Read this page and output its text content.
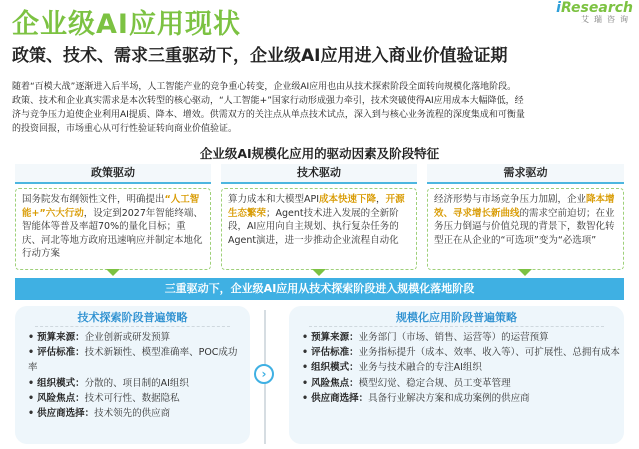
企业级AI应用现状
iResearch
艾瑞咨询
政策、技术、需求三重驱动下，企业级AI应用进入商业价值验证期
随着“百模大战”逐渐进入后半场，人工智能产业的竞争重心转变，企业级AI应用也由从技术探索阶段全面转向规模化落地阶段。
政策、技术和企业真实需求是本次转型的核心驱动，“人工智能+”国家行动形成强力牵引，技术突破使得AI应用成本大幅降低，经
济与竞争压力迫使企业利用AI提质、降本、增效。供需双方的关注点从单点技术试点，深入到与核心业务流程的深度集成和可衡量
的投资回报，市场重心从可行性验证转向商业价值验证。
企业级AI规模化应用的驱动因素及阶段特征
政策驱动	技术驱动	需求驱动
国务院发布纲领性文件，明确提出“人工智能+”六大行动，设定到2027年智能终端、智能体等普及率超70%的量化目标；重庆、河北等地方政府迅速响应并制定本地化行动方案
算力成本和大模型API成本快速下降，开源生态繁荣；Agent技术进入发展的全新阶段，AI应用向自主规划、执行复杂任务的Agent演进，进一步推动企业流程自动化
经济形势与市场竞争压力加剧，企业降本增效、寻求增长新曲线的需求空前迫切；在业务压力倒逼与价值兑现的背景下，数智化转型正在从企业的“可选项”变为“必选项”
三重驱动下，企业级AI应用从技术探索阶段进入规模化落地阶段
技术探索阶段普遍策略	规模化应用阶段普遍策略
• 预算来源：企业创新或研发预算
• 评估标准：技术新颖性、模型准确率、POC成功率
• 组织模式：分散的、项目制的AI组织
• 风险焦点：技术可行性、数据隐私
• 供应商选择：技术领先的供应商
• 预算来源：业务部门（市场、销售、运营等）的运营预算
• 评估标准：业务指标提升（成本、效率、收入等）、可扩展性、总拥有成本
• 组织模式：业务与技术融合的专注AI组织
• 风险焦点：模型幻觉、稳定合规、员工变革管理
• 供应商选择：具备行业解决方案和成功案例的供应商
›
